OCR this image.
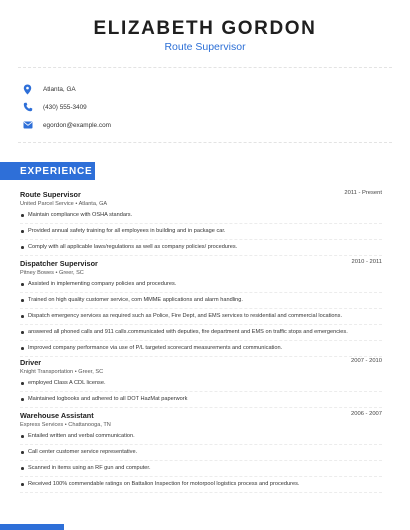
ELIZABETH GORDON
Route Supervisor
Atlanta, GA
(430) 555-3409
egordon@example.com
EXPERIENCE
Route Supervisor	2011 - Present
United Parcel Service • Atlanta, GA
Maintain compliance with OSHA standars.
Provided annual safety training for all employees in building and in package car.
Comply with all applicable laws/regulations as well as company policies/ procedures.
Dispatcher Supervisor	2010 - 2011
Pitney Bowes • Greer, SC
Assisted in implementing company policies and procedures.
Trained on high quality customer service, com MMME applications and alarm handling.
Dispatch emergency services as required such as Police, Fire Dept, and EMS services to residential and commercial locations.
answered all phoned calls and 911 calls.communicated with deputies, fire department and EMS on traffic stops and emergencies.
Improved company performance via use of P/L targeted scorecard measurements and communication.
Driver	2007 - 2010
Knight Transportation • Greer, SC
employed Class A CDL license.
Maintained logbooks and adhered to all DOT HazMat paperwork
Warehouse Assistant	2006 - 2007
Express Services • Chattanooga, TN
Entailed written and verbal communication.
Call center customer service representative.
Scanned in items using an RF gun and computer.
Received 100% commendable ratings on Battalion Inspection for motorpool logistics process and procedures.
